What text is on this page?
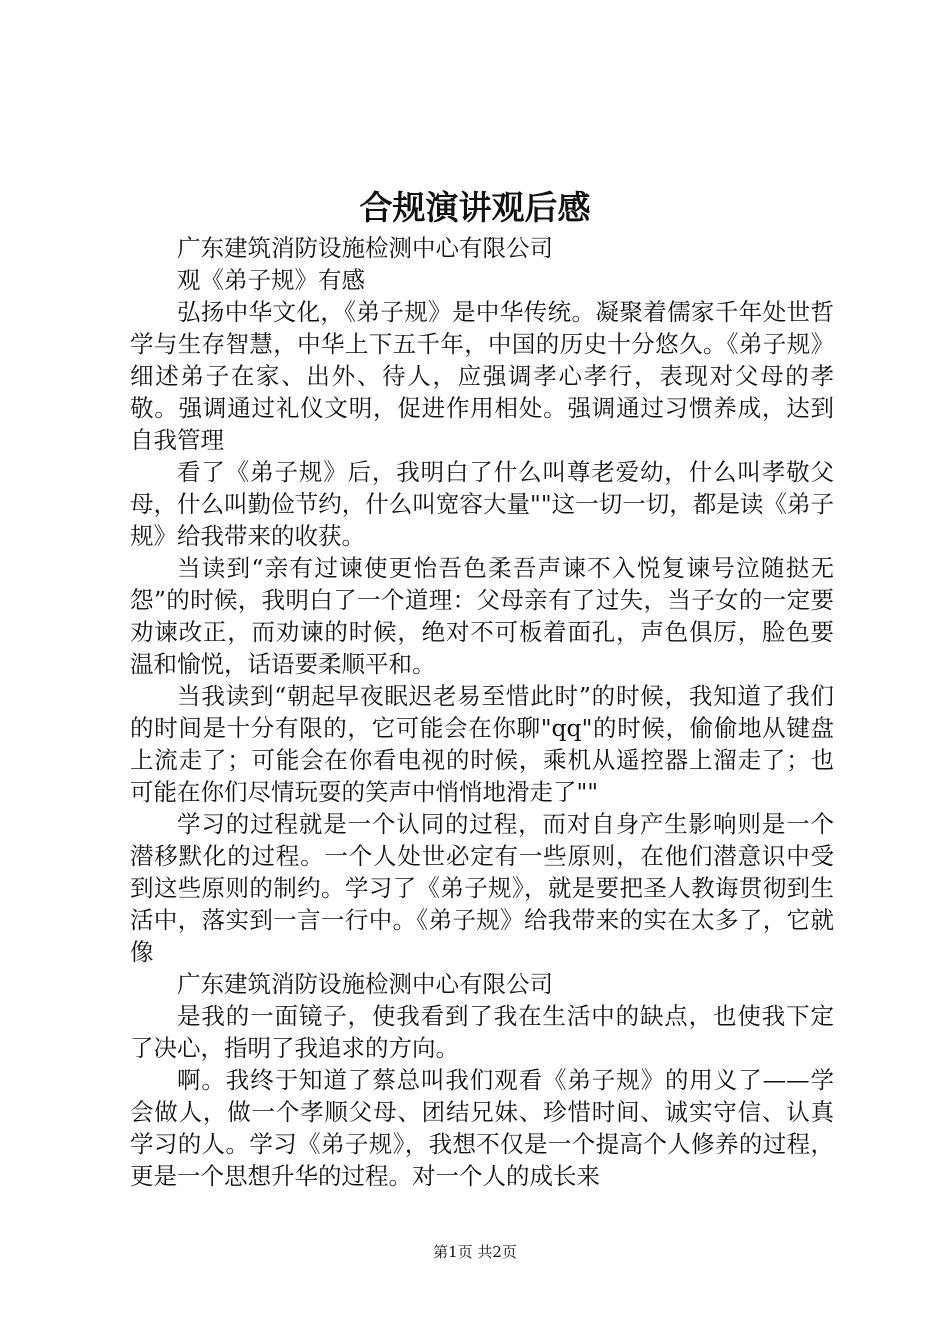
合规演讲观后感

广东建筑消防设施检测中心有限公司

观《弟子规》有感

弘扬中华文化，《弟子规》是中华传统。凝聚着儒家千年处世哲学与生存智慧，中华上下五千年，中国的历史十分悠久。《弟子规》细述弟子在家、出外、待人，应强调孝心孝行，表现对父母的孝敬。强调通过礼仪文明，促进作用相处。强调通过习惯养成，达到自我管理

看了《弟子规》后，我明白了什么叫尊老爱幼，什么叫孝敬父母，什么叫勤俭节约，什么叫宽容大量""这一切一切，都是读《弟子规》给我带来的收获。

当读到“亲有过谏使更怡吾色柔吾声谏不入悦复谏号泣随挞无怨”的时候，我明白了一个道理：父母亲有了过失，当子女的一定要劝谏改正，而劝谏的时候，绝对不可板着面孔，声色俱厉，脸色要温和愉悦，话语要柔顺平和。

当我读到“朝起早夜眠迟老易至惜此时”的时候，我知道了我们的时间是十分有限的，它可能会在你聊"qq"的时候，偷偷地从键盘上流走了；可能会在你看电视的时候，乘机从遥控器上溜走了；也可能在你们尽情玩耍的笑声中悄悄地滑走了""

学习的过程就是一个认同的过程，而对自身产生影响则是一个潜移默化的过程。一个人处世必定有一些原则，在他们潜意识中受到这些原则的制约。学习了《弟子规》，就是要把圣人教诲贯彻到生活中，落实到一言一行中。《弟子规》给我带来的实在太多了，它就像

广东建筑消防设施检测中心有限公司

是我的一面镜子，使我看到了我在生活中的缺点，也使我下定了决心，指明了我追求的方向。

啊。我终于知道了蔡总叫我们观看《弟子规》的用义了——学会做人，做一个孝顺父母、团结兄妹、珍惜时间、诚实守信、认真学习的人。学习《弟子规》，我想不仅是一个提高个人修养的过程，更是一个思想升华的过程。对一个人的成长来

第1页 共2页
